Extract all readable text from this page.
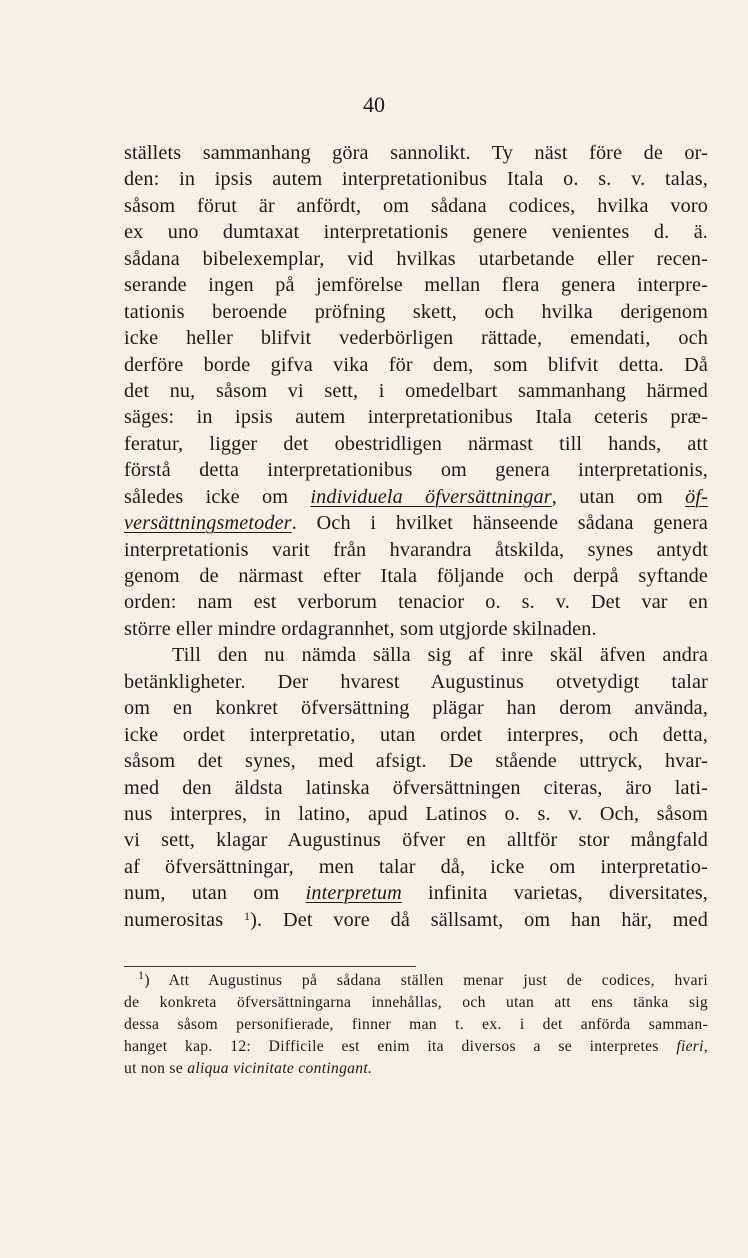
40
ställets sammanhang göra sannolikt. Ty näst före de or-
den: in ipsis autem interpretationibus Itala o. s. v. talas,
såsom förut är anfördt, om sådana codices, hvilka voro
ex uno dumtaxat interpretationis genere venientes d. ä.
sådana bibelexemplar, vid hvilkas utarbetande eller recen-
serande ingen på jemförelse mellan flera genera interpre-
tationis beroende pröfning skett, och hvilka derigenom
icke heller blifvit vederbörligen rättade, emendati, och
derföre borde gifva vika för dem, som blifvit detta. Då
det nu, såsom vi sett, i omedelbart sammanhang härmed
säges: in ipsis autem interpretationibus Itala ceteris præ-
feratur, ligger det obestridligen närmast till hands, att
förstå detta interpretationibus om genera interpretationis,
således icke om individuela öfversättningar, utan om öf-
versättningsmetoder. Och i hvilket hänseende sådana genera
interpretationis varit från hvarandra åtskilda, synes antydt
genom de närmast efter Itala följande och derpå syftande
orden: nam est verborum tenacior o. s. v. Det var en
större eller mindre ordagrannhet, som utgjorde skilnaden.
Till den nu nämda sälla sig af inre skäl äfven andra
betänkligheter. Der hvarest Augustinus otvetydigt talar
om en konkret öfversättning plägar han derom använda,
icke ordet interpretatio, utan ordet interpres, och detta,
såsom det synes, med afsigt. De stående uttryck, hvar-
med den äldsta latinska öfversättningen citeras, äro lati-
nus interpres, in latino, apud Latinos o. s. v. Och, såsom
vi sett, klagar Augustinus öfver en alltför stor mångfald
af öfversättningar, men talar då, icke om interpretatio-
num, utan om interpretum infinita varietas, diversitates,
numerositas $^1$). Det vore då sällsamt, om han här, med
$^1$) Att Augustinus på sådana ställen menar just de codices, hvari
de konkreta öfversättningarna innehållas, och utan att ens tänka sig
dessa såsom personifierade, finner man t. ex. i det anförda samman-
hanget kap. 12: Difficile est enim ita diversos a se interpretes fieri,
ut non se aliqua vicinitate contingant.
